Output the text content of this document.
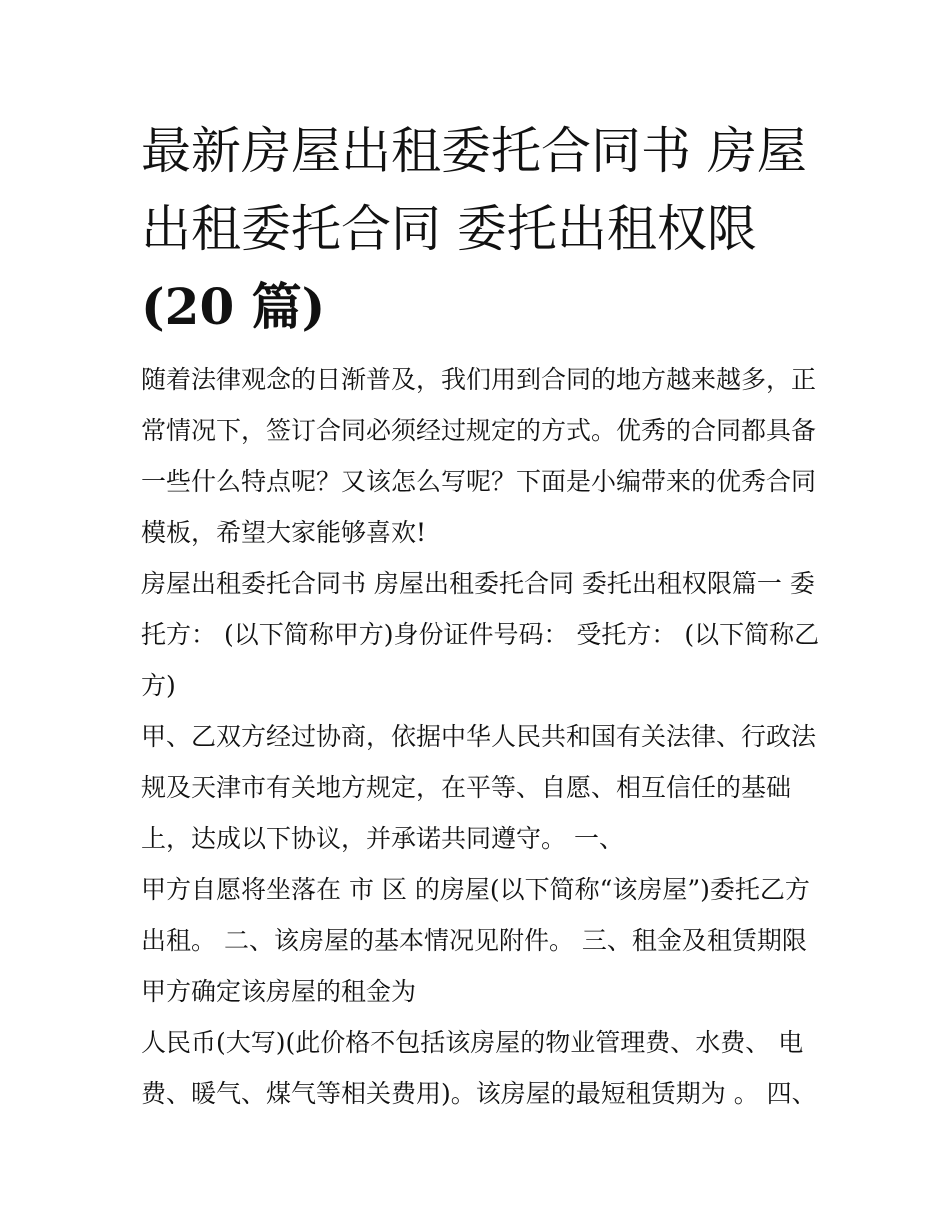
最新房屋出租委托合同书 房屋
出租委托合同 委托出租权限
(20 篇)
随着法律观念的日渐普及，我们用到合同的地方越来越多，正
常情况下，签订合同必须经过规定的方式。优秀的合同都具备
一些什么特点呢？又该怎么写呢？下面是小编带来的优秀合同
模板，希望大家能够喜欢!
房屋出租委托合同书 房屋出租委托合同 委托出租权限篇一 委
托方： (以下简称甲方)身份证件号码： 受托方： (以下简称乙
方)
甲、乙双方经过协商，依据中华人民共和国有关法律、行政法
规及天津市有关地方规定，在平等、自愿、相互信任的基础
上，达成以下协议，并承诺共同遵守。 一、
甲方自愿将坐落在 市 区 的房屋(以下简称“该房屋”)委托乙方
出租。 二、该房屋的基本情况见附件。 三、租金及租赁期限
甲方确定该房屋的租金为
人民币(大写)(此价格不包括该房屋的物业管理费、水费、 电
费、暖气、煤气等相关费用)。该房屋的最短租赁期为 。 四、
